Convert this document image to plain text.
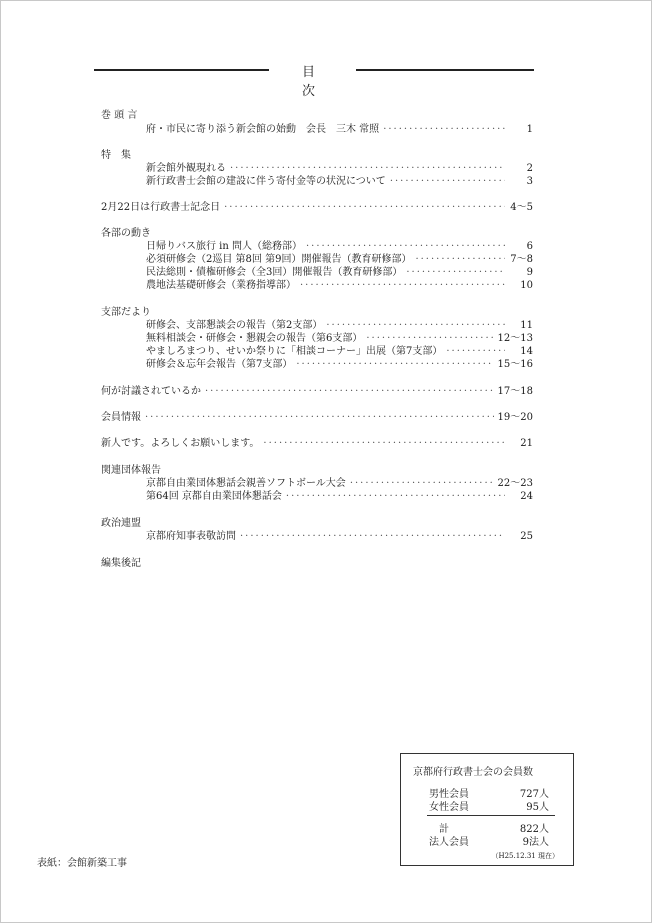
目次
巻 頭 言
府・市民に寄り添う新会館の始動　会長　三木 常照 ·····	1
特　集
新会館外観現れる ·····	2
新行政書士会館の建設に伴う寄付金等の状況について ·····	3
2月22日は行政書士記念日 ·····	4～5
各部の動き
日帰りバス旅行 in 問人（総務部） ·····	6
必須研修会（2巡目 第8回 第9回）開催報告（教育研修部） ·····	7～8
民法総則・債権研修会（全3回）開催報告（教育研修部） ·····	9
農地法基礎研修会（業務指導部） ·····	10
支部だより
研修会、支部懇談会の報告（第2支部） ·····	11
無料相談会・研修会・懇親会の報告（第6支部） ·····	12～13
やましろまつり、せいか祭りに「相談コーナー」出展（第7支部） ·····	14
研修会＆忘年会報告（第7支部） ·····	15～16
何が討議されているか ·····	17～18
会員情報 ·····	19～20
新人です。よろしくお願いします。 ·····	21
関連団体報告
京都自由業団体懇話会親善ソフトボール大会 ·····	22～23
第64回 京都自由業団体懇話会 ·····	24
政治連盟
京都府知事表敬訪問 ·····	25
編集後記
京都府行政書士会の会員数
男性会員	727人
女性会員	95人
計	822人
法人会員	9法人
（H25.12.31 現在）
表紙：会館新築工事
